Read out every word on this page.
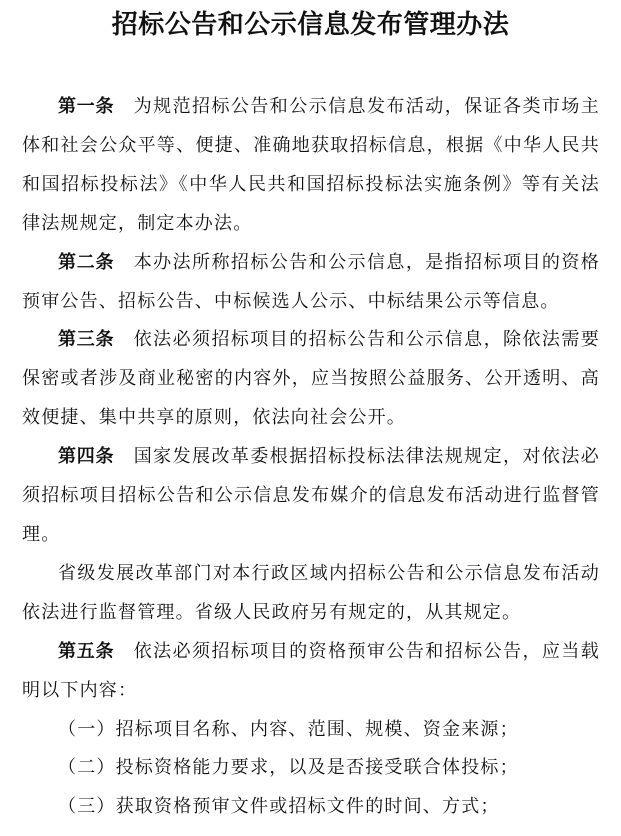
招标公告和公示信息发布管理办法

第一条 为规范招标公告和公示信息发布活动，保证各类市场主体和社会公众平等、便捷、准确地获取招标信息，根据《中华人民共和国招标投标法》《中华人民共和国招标投标法实施条例》等有关法律法规规定，制定本办法。

第二条 本办法所称招标公告和公示信息，是指招标项目的资格预审公告、招标公告、中标候选人公示、中标结果公示等信息。

第三条 依法必须招标项目的招标公告和公示信息，除依法需要保密或者涉及商业秘密的内容外，应当按照公益服务、公开透明、高效便捷、集中共享的原则，依法向社会公开。

第四条 国家发展改革委根据招标投标法律法规规定，对依法必须招标项目招标公告和公示信息发布媒介的信息发布活动进行监督管理。

省级发展改革部门对本行政区域内招标公告和公示信息发布活动依法进行监督管理。省级人民政府另有规定的，从其规定。

第五条 依法必须招标项目的资格预审公告和招标公告，应当载明以下内容：

（一）招标项目名称、内容、范围、规模、资金来源；

（二）投标资格能力要求，以及是否接受联合体投标；

（三）获取资格预审文件或招标文件的时间、方式；
